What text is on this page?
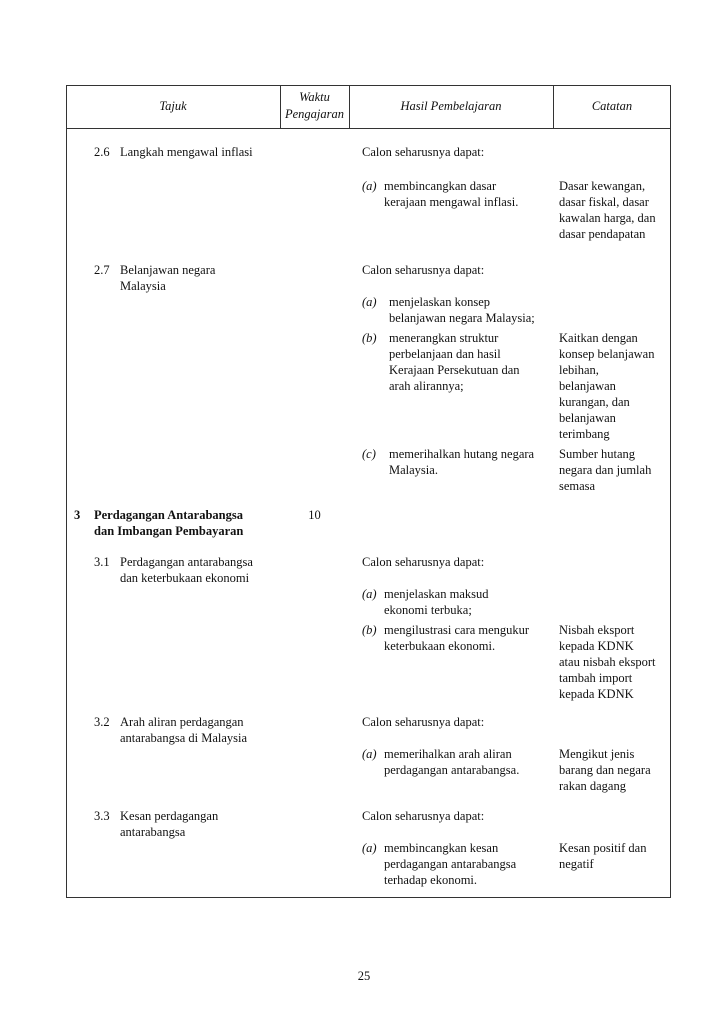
Tajuk
Waktu
Pengajaran
Hasil Pembelajaran	Catatan
2.6 Langkah mengawal inflasi	Calon seharusnya dapat:
(a) membincangkan dasar
kerajaan mengawal inflasi.
Dasar kewangan,
dasar fiskal, dasar
kawalan harga, dan
dasar pendapatan
2.7 Belanjawan negara
Malaysia
Calon seharusnya dapat:
(a) menjelaskan konsep
belanjawan negara Malaysia;
(b) menerangkan struktur
perbelanjaan dan hasil
Kerajaan Persekutuan dan
arah alirannya;
Kaitkan dengan
konsep belanjawan
lebihan,
belanjawan
kurangan, dan
belanjawan
terimbang
(c) memerihalkan hutang negara
Malaysia.
Sumber hutang
negara dan jumlah
semasa
3 Perdagangan Antarabangsa
dan Imbangan Pembayaran
10
3.1 Perdagangan antarabangsa
dan keterbukaan ekonomi
Calon seharusnya dapat:
(a) menjelaskan maksud
ekonomi terbuka;
(b) mengilustrasi cara mengukur
keterbukaan ekonomi.
Nisbah eksport
kepada KDNK
atau nisbah eksport
tambah import
kepada KDNK
3.2 Arah aliran perdagangan
antarabangsa di Malaysia
Calon seharusnya dapat:
(a) memerihalkan arah aliran
perdagangan antarabangsa.
Mengikut jenis
barang dan negara
rakan dagang
3.3 Kesan perdagangan
antarabangsa
Calon seharusnya dapat:
(a) membincangkan kesan
perdagangan antarabangsa
terhadap ekonomi.
Kesan positif dan
negatif
25
